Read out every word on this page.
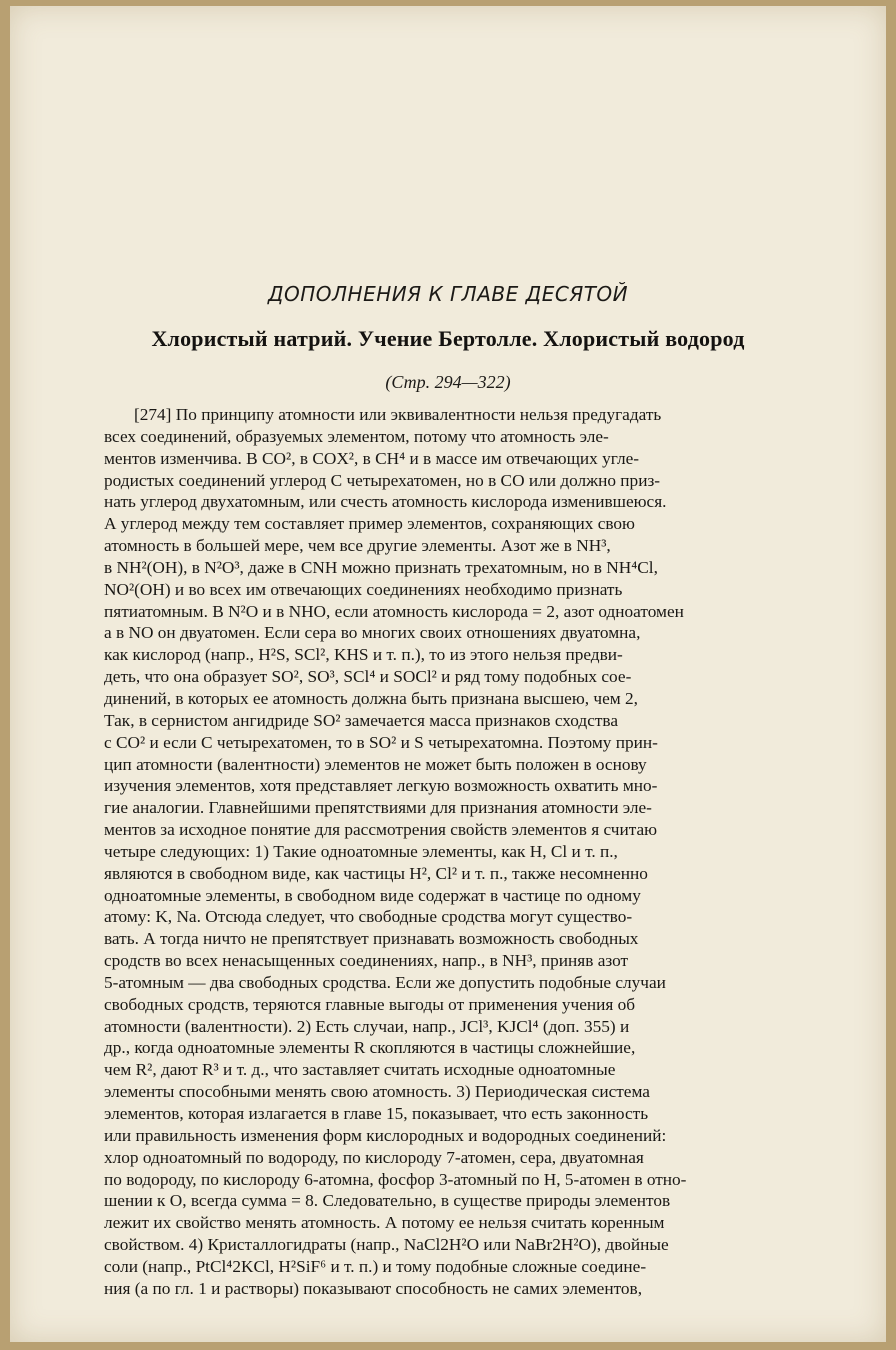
ДОПОЛНЕНИЯ К ГЛАВЕ ДЕСЯТОЙ
Хлористый натрий. Учение Бертолле. Хлористый водород
(Стр. 294—322)
[274] По принципу атомности или эквивалентности нельзя предугадать
всех соединений, образуемых элементом, потому что атомность эле-
ментов изменчива. В CO², в COX², в CH⁴ и в массе им отвечающих угле-
родистых соединений углерод C четырехатомен, но в CO или должно приз-
нать углерод двухатомным, или счесть атомность кислорода изменившеюся.
А углерод между тем составляет пример элементов, сохраняющих свою
атомность в большей мере, чем все другие элементы. Азот же в NH³,
в NH²(OH), в N²O³, даже в CNH можно признать трехатомным, но в NH⁴Cl,
NO²(OH) и во всех им отвечающих соединениях необходимо признать
пятиатомным. В N²O и в NHO, если атомность кислорода = 2, азот одноатомен
а в NO он двуатомен. Если сера во многих своих отношениях двуатомна,
как кислород (напр., H²S, SCl², KHS и т. п.), то из этого нельзя предви-
деть, что она образует SO², SO³, SCl⁴ и SOCl² и ряд тому подобных сое-
динений, в которых ее атомность должна быть признана высшею, чем 2,
Так, в сернистом ангидриде SO² замечается масса признаков сходства
с CO² и если C четырехатомен, то в SO² и S четырехатомна. Поэтому прин-
цип атомности (валентности) элементов не может быть положен в основу
изучения элементов, хотя представляет легкую возможность охватить мно-
гие аналогии. Главнейшими препятствиями для признания атомности эле-
ментов за исходное понятие для рассмотрения свойств элементов я считаю
четыре следующих: 1) Такие одноатомные элементы, как H, Cl и т. п.,
являются в свободном виде, как частицы H², Cl² и т. п., также несомненно
одноатомные элементы, в свободном виде содержат в частице по одному
атому: K, Na. Отсюда следует, что свободные сродства могут существо-
вать. А тогда ничто не препятствует признавать возможность свободных
сродств во всех ненасыщенных соединениях, напр., в NH³, приняв азот
5-атомным — два свободных сродства. Если же допустить подобные случаи
свободных сродств, теряются главные выгоды от применения учения об
атомности (валентности). 2) Есть случаи, напр., JCl³, KJCl⁴ (доп. 355) и
др., когда одноатомные элементы R скопляются в частицы сложнейшие,
чем R², дают R³ и т. д., что заставляет считать исходные одноатомные
элементы способными менять свою атомность. 3) Периодическая система
элементов, которая излагается в главе 15, показывает, что есть законность
или правильность изменения форм кислородных и водородных соединений:
хлор одноатомный по водороду, по кислороду 7-атомен, сера, двуатомная
по водороду, по кислороду 6-атомна, фосфор 3-атомный по H, 5-атомен в отно-
шении к O, всегда сумма = 8. Следовательно, в существе природы элементов
лежит их свойство менять атомность. А потому ее нельзя считать коренным
свойством. 4) Кристаллогидраты (напр., NaCl2H²O или NaBr2H²O), двойные
соли (напр., PtCl⁴2KCl, H²SiF⁶ и т. п.) и тому подобные сложные соедине-
ния (а по гл. 1 и растворы) показывают способность не самих элементов,
